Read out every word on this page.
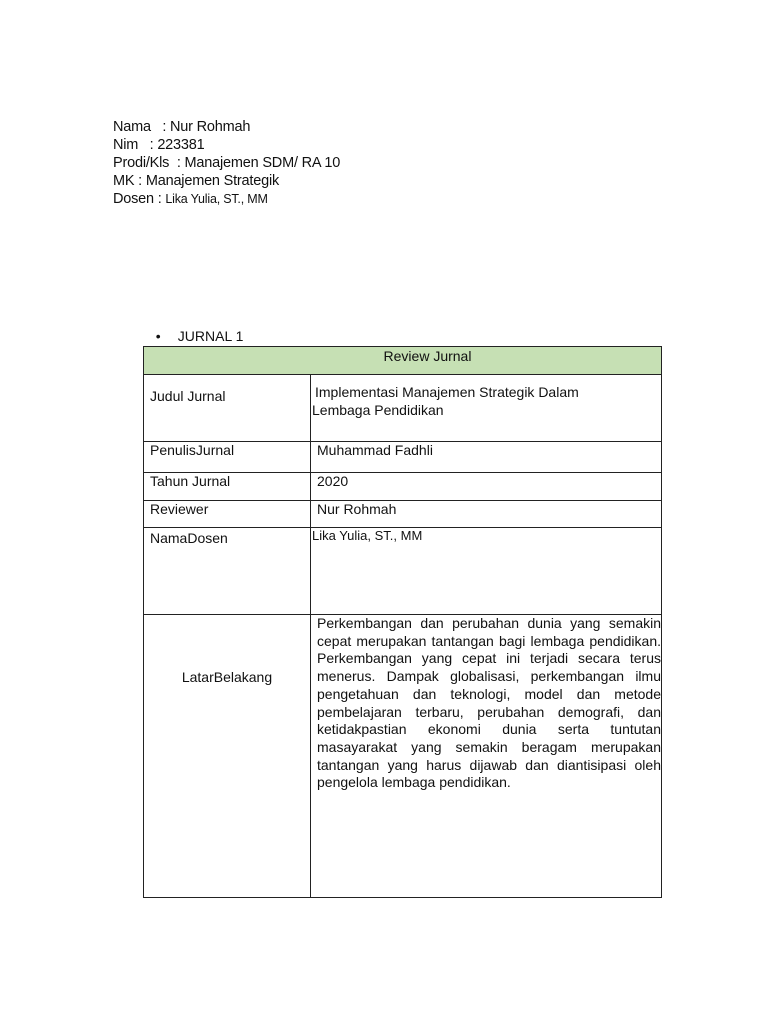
Nama   : Nur Rohmah
Nim   : 223381
Prodi/Kls  : Manajemen SDM/ RA 10
MK : Manajemen Strategik
Dosen : Lika Yulia, ST., MM

• JURNAL 1

Review Jurnal	
Judul Jurnal	Implementasi Manajemen Strategik Dalam
Lembaga Pendidikan
PenulisJurnal	Muhammad Fadhli
Tahun Jurnal	2020
Reviewer	Nur Rohmah
NamaDosen	Lika Yulia, ST., MM
LatarBelakang	Perkembangan dan perubahan dunia yang semakin cepat merupakan tantangan bagi lembaga pendidikan. Perkembangan yang cepat ini terjadi secara terus menerus. Dampak globalisasi, perkembangan ilmu pengetahuan dan teknologi, model dan metode pembelajaran terbaru, perubahan demografi, dan ketidakpastian ekonomi dunia serta tuntutan masayarakat yang semakin beragam merupakan tantangan yang harus dijawab dan diantisipasi oleh pengelola lembaga pendidikan.
